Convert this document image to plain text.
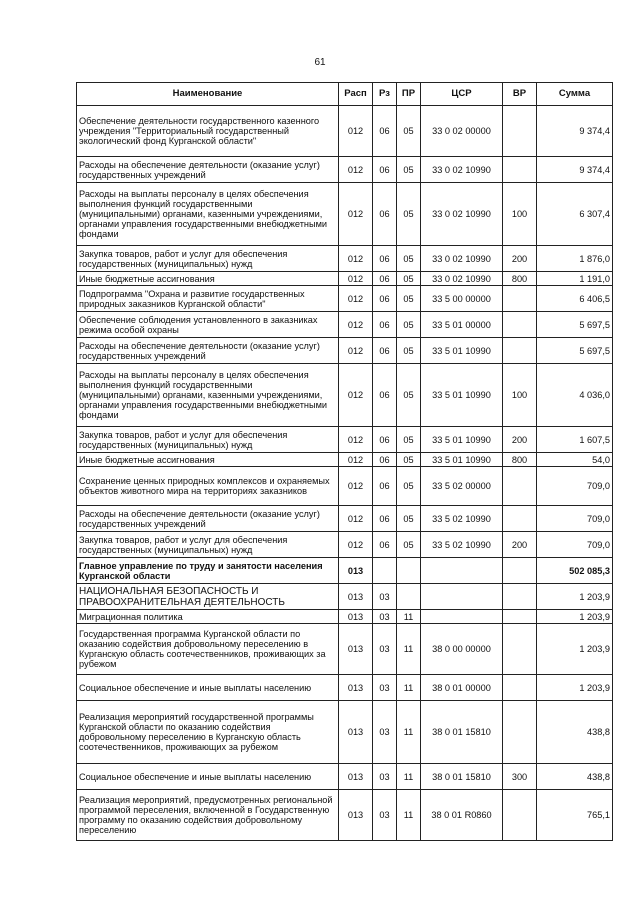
61
Наименование	Расп	Рз	ПР	ЦСР	ВР	Сумма
Обеспечение деятельности государственного казенного учреждения "Территориальный государственный экологический фонд Курганской области"	012	06	05	33 0 02 00000		9 374,4
Расходы на обеспечение деятельности (оказание услуг) государственных учреждений	012	06	05	33 0 02 10990		9 374,4
Расходы на выплаты персоналу в целях обеспечения выполнения функций государственными (муниципальными) органами, казенными учреждениями, органами управления государственными внебюджетными фондами	012	06	05	33 0 02 10990	100	6 307,4
Закупка товаров, работ и услуг для обеспечения государственных (муниципальных) нужд	012	06	05	33 0 02 10990	200	1 876,0
Иные бюджетные ассигнования	012	06	05	33 0 02 10990	800	1 191,0
Подпрограмма "Охрана и развитие государственных природных заказников Курганской области"	012	06	05	33 5 00 00000		6 406,5
Обеспечение соблюдения установленного в заказниках режима особой охраны	012	06	05	33 5 01 00000		5 697,5
Расходы на обеспечение деятельности (оказание услуг) государственных учреждений	012	06	05	33 5 01 10990		5 697,5
Расходы на выплаты персоналу в целях обеспечения выполнения функций государственными (муниципальными) органами, казенными учреждениями, органами управления государственными внебюджетными фондами	012	06	05	33 5 01 10990	100	4 036,0
Закупка товаров, работ и услуг для обеспечения государственных (муниципальных) нужд	012	06	05	33 5 01 10990	200	1 607,5
Иные бюджетные ассигнования	012	06	05	33 5 01 10990	800	54,0
Сохранение ценных природных комплексов и охраняемых объектов животного мира на территориях заказников	012	06	05	33 5 02 00000		709,0
Расходы на обеспечение деятельности (оказание услуг) государственных учреждений	012	06	05	33 5 02 10990		709,0
Закупка товаров, работ и услуг для обеспечения государственных (муниципальных) нужд	012	06	05	33 5 02 10990	200	709,0
Главное управление по труду и занятости населения Курганской области	013					502 085,3
НАЦИОНАЛЬНАЯ БЕЗОПАСНОСТЬ И ПРАВООХРАНИТЕЛЬНАЯ ДЕЯТЕЛЬНОСТЬ	013	03				1 203,9
Миграционная политика	013	03	11			1 203,9
Государственная программа Курганской области по оказанию содействия добровольному переселению в Курганскую область соотечественников, проживающих за рубежом	013	03	11	38 0 00 00000		1 203,9
Социальное обеспечение и иные выплаты населению	013	03	11	38 0 01 00000		1 203,9
Реализация мероприятий государственной программы Курганской области по оказанию содействия добровольному переселению в Курганскую область соотечественников, проживающих за рубежом	013	03	11	38 0 01 15810		438,8
Социальное обеспечение и иные выплаты населению	013	03	11	38 0 01 15810	300	438,8
Реализация мероприятий, предусмотренных региональной программой переселения, включенной в Государственную программу по оказанию содействия добровольному переселению	013	03	11	38 0 01 R0860		765,1
